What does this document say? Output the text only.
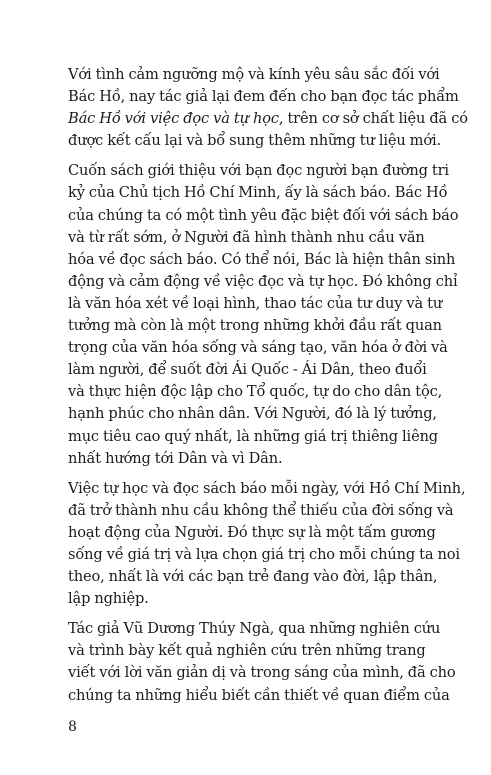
Với tình cảm ngưỡng mộ và kính yêu sâu sắc đối với
Bác Hồ, nay tác giả lại đem đến cho bạn đọc tác phẩm
Bác Hồ với việc đọc và tự học, trên cơ sở chất liệu đã có
được kết cấu lại và bổ sung thêm những tư liệu mới.

Cuốn sách giới thiệu với bạn đọc người bạn đường tri
kỷ của Chủ tịch Hồ Chí Minh, ấy là sách báo. Bác Hồ
của chúng ta có một tình yêu đặc biệt đối với sách báo
và từ rất sớm, ở Người đã hình thành nhu cầu văn
hóa về đọc sách báo. Có thể nói, Bác là hiện thân sinh
động và cảm động về việc đọc và tự học. Đó không chỉ
là văn hóa xét về loại hình, thao tác của tư duy và tư
tưởng mà còn là một trong những khởi đầu rất quan
trọng của văn hóa sống và sáng tạo, văn hóa ở đời và
làm người, để suốt đời Ái Quốc - Ái Dân, theo đuổi
và thực hiện độc lập cho Tổ quốc, tự do cho dân tộc,
hạnh phúc cho nhân dân. Với Người, đó là lý tưởng,
mục tiêu cao quý nhất, là những giá trị thiêng liêng
nhất hướng tới Dân và vì Dân.

Việc tự học và đọc sách báo mỗi ngày, với Hồ Chí Minh,
đã trở thành nhu cầu không thể thiếu của đời sống và
hoạt động của Người. Đó thực sự là một tấm gương
sống về giá trị và lựa chọn giá trị cho mỗi chúng ta noi
theo, nhất là với các bạn trẻ đang vào đời, lập thân,
lập nghiệp.

Tác giả Vũ Dương Thúy Ngà, qua những nghiên cứu
và trình bày kết quả nghiên cứu trên những trang
viết với lời văn giản dị và trong sáng của mình, đã cho
chúng ta những hiểu biết cần thiết về quan điểm của

8
